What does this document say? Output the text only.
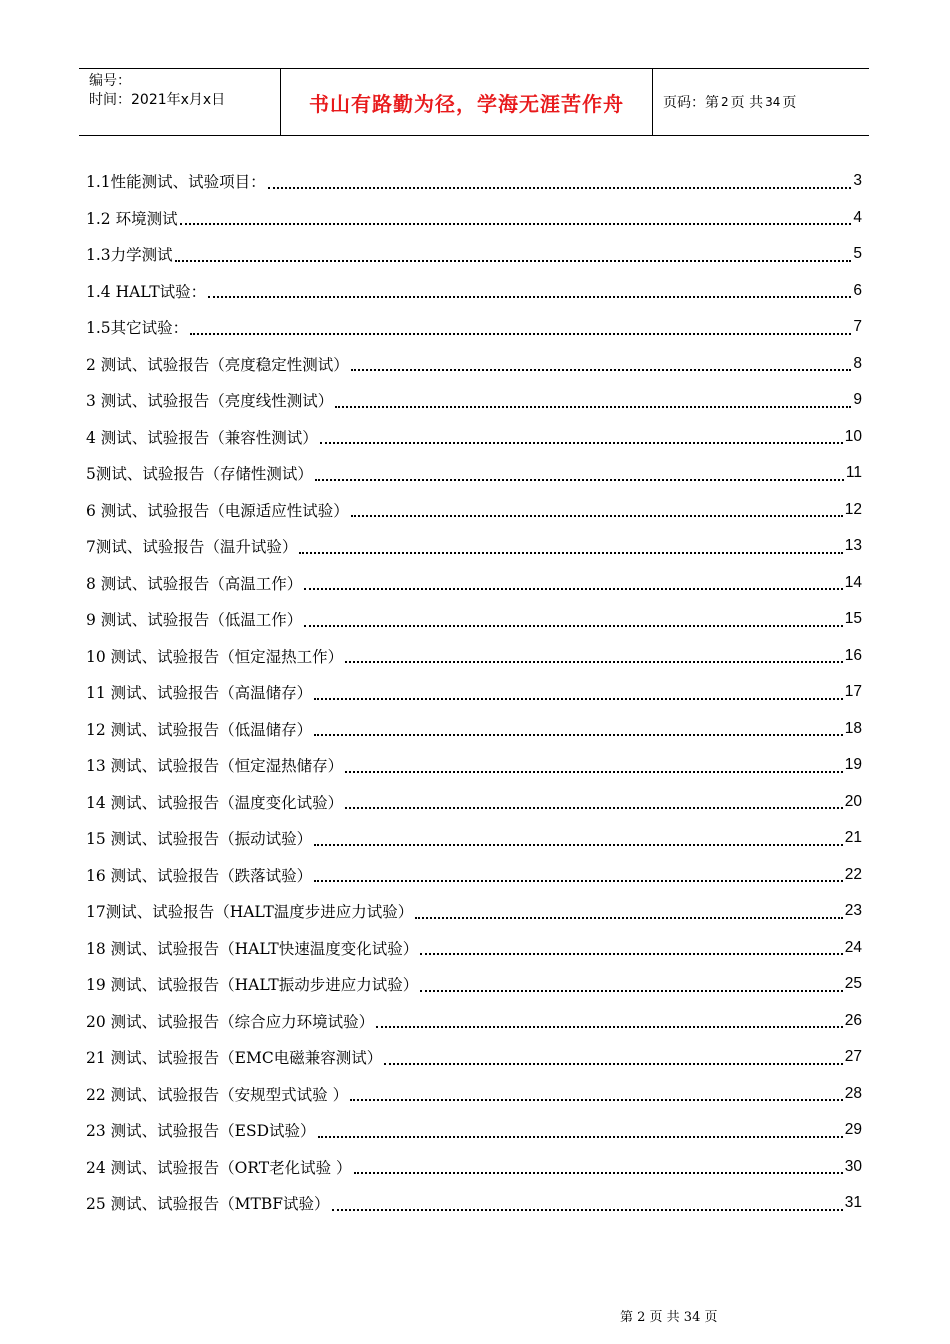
编号：
时间：2021年x月x日	书山有路勤为径，学海无涯苦作舟	页码：第 2 页 共 34 页
1.1性能测试、试验项目：	3
1.2 环境测试	4
1.3力学测试	5
1.4 HALT试验：	6
1.5其它试验：	7
2 测试、试验报告（亮度稳定性测试）	8
3 测试、试验报告（亮度线性测试）	9
4 测试、试验报告（兼容性测试）	10
5测试、试验报告（存储性测试）	11
6 测试、试验报告（电源适应性试验）	12
7测试、试验报告（温升试验）	13
8 测试、试验报告（高温工作）	14
9 测试、试验报告（低温工作）	15
10 测试、试验报告（恒定湿热工作）	16
11 测试、试验报告（高温储存）	17
12 测试、试验报告（低温储存）	18
13 测试、试验报告（恒定湿热储存）	19
14 测试、试验报告（温度变化试验）	20
15 测试、试验报告（振动试验）	21
16 测试、试验报告（跌落试验）	22
17测试、试验报告（HALT温度步进应力试验）	23
18 测试、试验报告（HALT快速温度变化试验）	24
19 测试、试验报告（HALT振动步进应力试验）	25
20 测试、试验报告（综合应力环境试验）	26
21 测试、试验报告（EMC电磁兼容测试）	27
22 测试、试验报告（安规型式试验 ）	28
23 测试、试验报告（ESD试验）	29
24 测试、试验报告（ORT老化试验 ）	30
25 测试、试验报告（MTBF试验）	31
第 2 页 共 34 页
